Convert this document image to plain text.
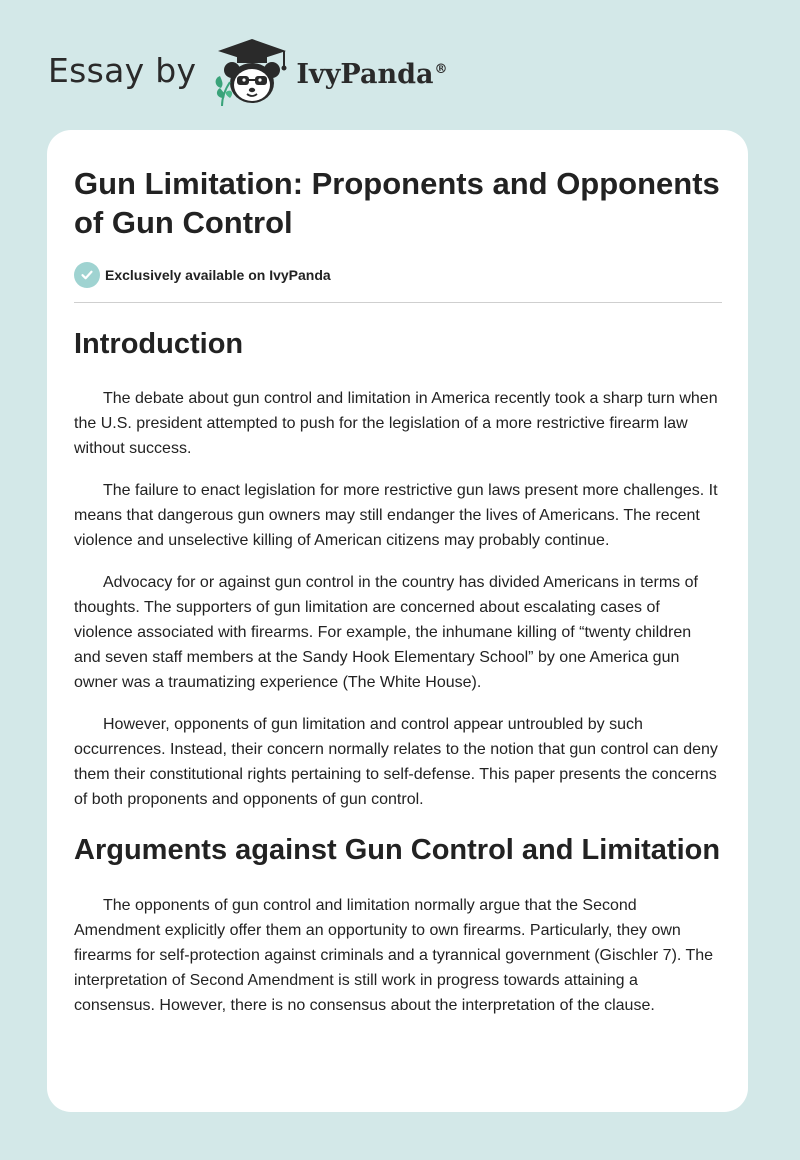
Essay by	IvyPanda®
Gun Limitation: Proponents and Opponents of Gun Control
Exclusively available on IvyPanda
Introduction

The debate about gun control and limitation in America recently took a sharp turn when the U.S. president attempted to push for the legislation of a more restrictive firearm law without success.

The failure to enact legislation for more restrictive gun laws present more challenges. It means that dangerous gun owners may still endanger the lives of Americans. The recent violence and unselective killing of American citizens may probably continue.

Advocacy for or against gun control in the country has divided Americans in terms of thoughts. The supporters of gun limitation are concerned about escalating cases of violence associated with firearms. For example, the inhumane killing of “twenty children and seven staff members at the Sandy Hook Elementary School” by one America gun owner was a traumatizing experience (The White House).

However, opponents of gun limitation and control appear untroubled by such occurrences. Instead, their concern normally relates to the notion that gun control can deny them their constitutional rights pertaining to self-defense. This paper presents the concerns of both proponents and opponents of gun control.

Arguments against Gun Control and Limitation

The opponents of gun control and limitation normally argue that the Second Amendment explicitly offer them an opportunity to own firearms. Particularly, they own firearms for self-protection against criminals and a tyrannical government (Gischler 7). The interpretation of Second Amendment is still work in progress towards attaining a consensus. However, there is no consensus about the interpretation of the clause.
